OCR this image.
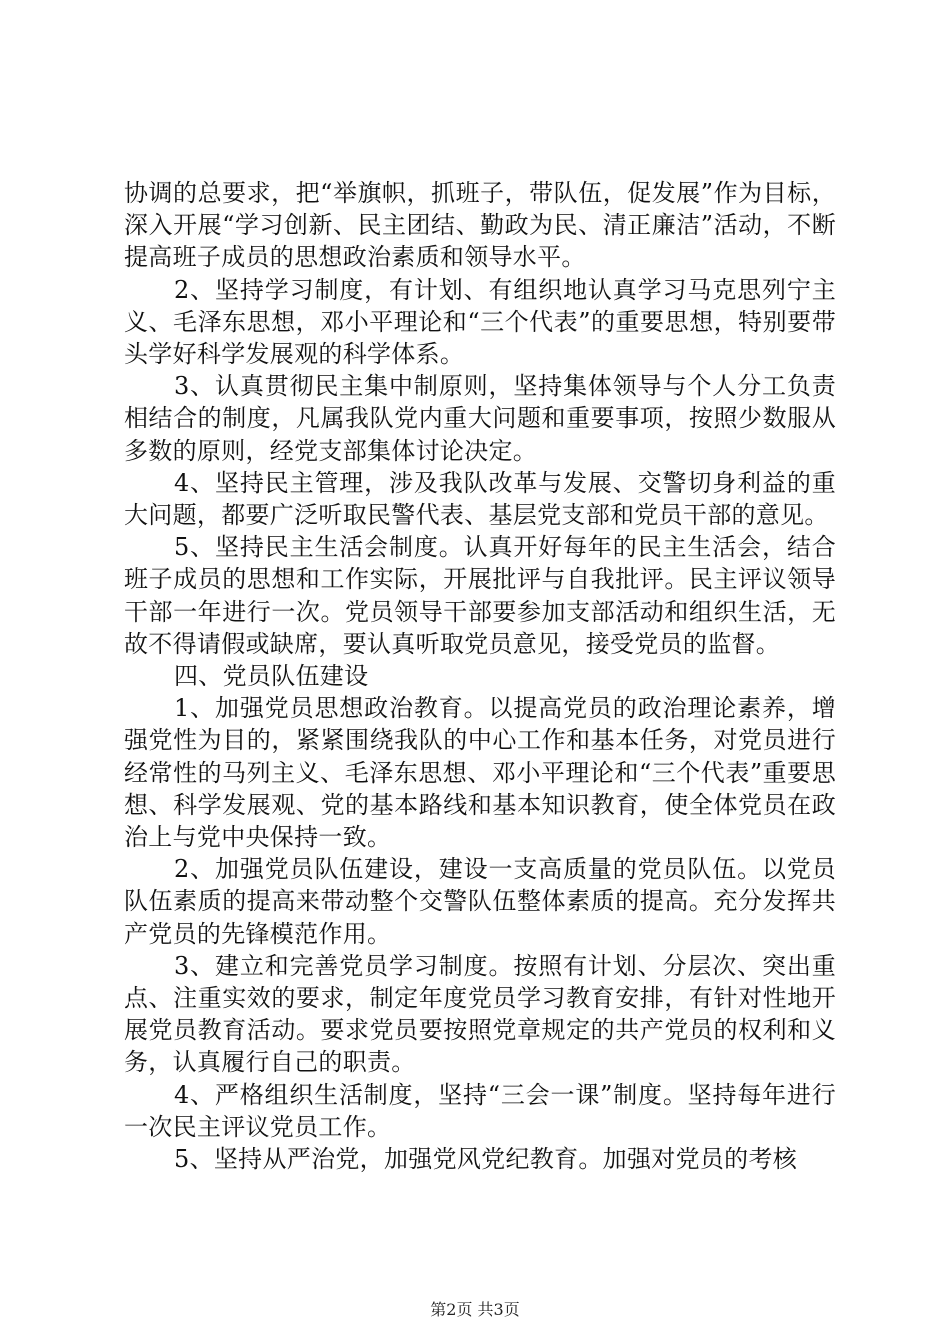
协调的总要求，把“举旗帜，抓班子，带队伍，促发展”作为目标，深入开展“学习创新、民主团结、勤政为民、清正廉洁”活动，不断提高班子成员的思想政治素质和领导水平。

2、坚持学习制度，有计划、有组织地认真学习马克思列宁主义、毛泽东思想，邓小平理论和“三个代表”的重要思想，特别要带头学好科学发展观的科学体系。

3、认真贯彻民主集中制原则，坚持集体领导与个人分工负责相结合的制度，凡属我队党内重大问题和重要事项，按照少数服从多数的原则，经党支部集体讨论决定。

4、坚持民主管理，涉及我队改革与发展、交警切身利益的重大问题，都要广泛听取民警代表、基层党支部和党员干部的意见。

5、坚持民主生活会制度。认真开好每年的民主生活会，结合班子成员的思想和工作实际，开展批评与自我批评。民主评议领导干部一年进行一次。党员领导干部要参加支部活动和组织生活，无故不得请假或缺席，要认真听取党员意见，接受党员的监督。

四、党员队伍建设

1、加强党员思想政治教育。以提高党员的政治理论素养，增强党性为目的，紧紧围绕我队的中心工作和基本任务，对党员进行经常性的马列主义、毛泽东思想、邓小平理论和“三个代表”重要思想、科学发展观、党的基本路线和基本知识教育，使全体党员在政治上与党中央保持一致。

2、加强党员队伍建设，建设一支高质量的党员队伍。以党员队伍素质的提高来带动整个交警队伍整体素质的提高。充分发挥共产党员的先锋模范作用。

3、建立和完善党员学习制度。按照有计划、分层次、突出重点、注重实效的要求，制定年度党员学习教育安排，有针对性地开展党员教育活动。要求党员要按照党章规定的共产党员的权利和义务，认真履行自己的职责。

4、严格组织生活制度，坚持“三会一课”制度。坚持每年进行一次民主评议党员工作。

5、坚持从严治党，加强党风党纪教育。加强对党员的考核

第2页 共3页
